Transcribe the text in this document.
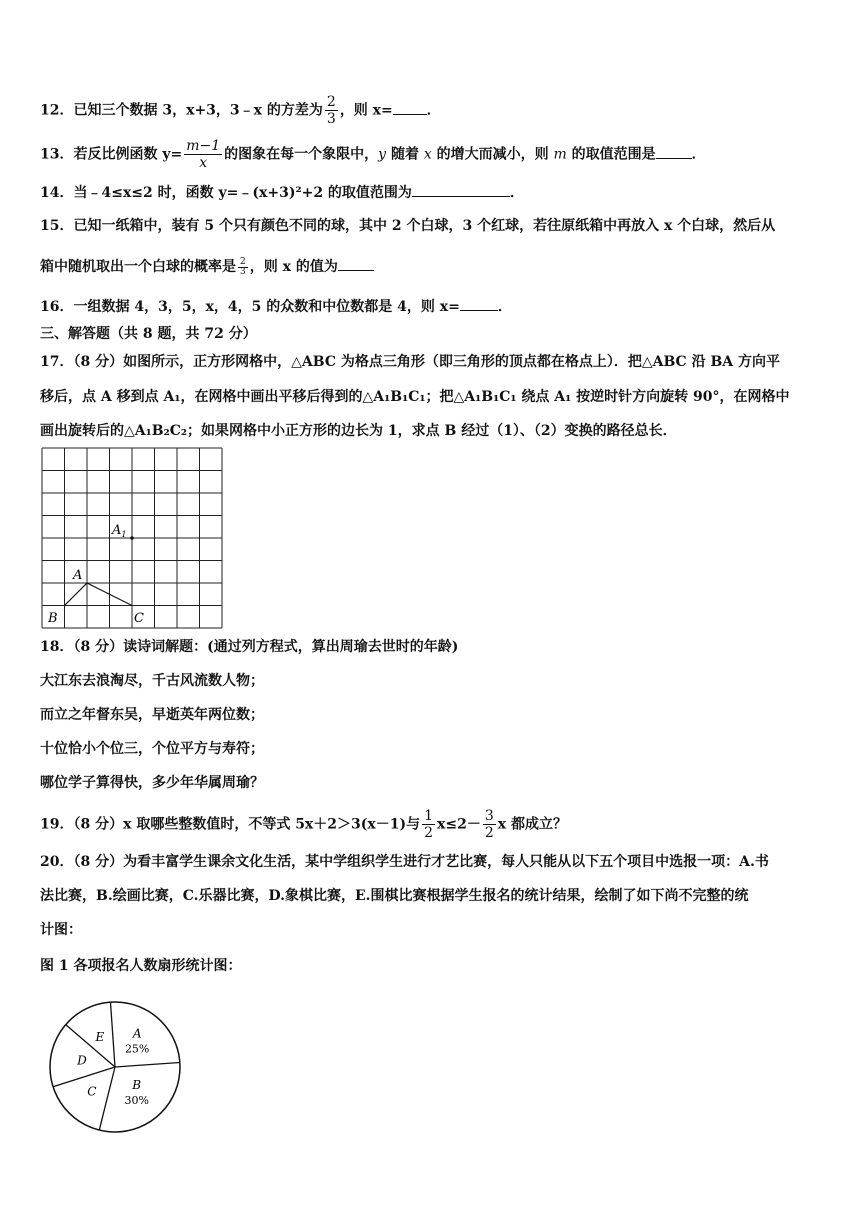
12．已知三个数据 3，x+3，3﹣x 的方差为 $\frac{2}{3}$ ，则 x= ．
13．若反比例函数 $y= \frac{m-1}{x}$ 的图象在每一个象限中，y 随着 x 的增大而减小，则 m 的取值范围是	．
14．当﹣4≤x≤2 时，函数 y=﹣(x+3)²+2 的取值范围为	．
15．已知一纸箱中，装有 5 个只有颜色不同的球，其中 2 个白球，3 个红球，若往原纸箱中再放入 x 个白球，然后从
箱中随机取出一个白球的概率是 $\frac{2}{3}$ ，则 x 的值为
16．一组数据 4，3，5，x，4，5 的众数和中位数都是 4，则 x=	．
三、解答题（共 8 题，共 72 分）
17．（8 分）如图所示，正方形网格中，△ABC 为格点三角形（即三角形的顶点都在格点上）．把△ABC 沿 BA 方向平
移后，点 A 移到点 A₁，在网格中画出平移后得到的△A₁B₁C₁；把△A₁B₁C₁ 绕点 A₁ 按逆时针方向旋转 90°，在网格中
画出旋转后的△A₁B₂C₂；如果网格中小正方形的边长为 1，求点 B 经过（1）、（2）变换的路径总长．
$A_1$
A
B	C
18．（8 分）读诗词解题：(通过列方程式，算出周瑜去世时的年龄)
大江东去浪淘尽，千古风流数人物；
而立之年督东吴，早逝英年两位数；
十位恰小个位三，个位平方与寿符；
哪位学子算得快，多少年华属周瑜？
19．（8 分）x 取哪些整数值时，不等式 5x＋2＞3(x－1)与 $\frac{1}{2} x\le 2- \frac{3}{2}$ x 都成立？
20．（8 分）为看丰富学生课余文化生活，某中学组织学生进行才艺比赛，每人只能从以下五个项目中选报一项：A.书
法比赛，B.绘画比赛，C.乐器比赛，D.象棋比赛，E.围棋比赛根据学生报名的统计结果，绘制了如下尚不完整的统
计图：
图 1 各项报名人数扇形统计图：
A
25%
B
30%
C
D
E
